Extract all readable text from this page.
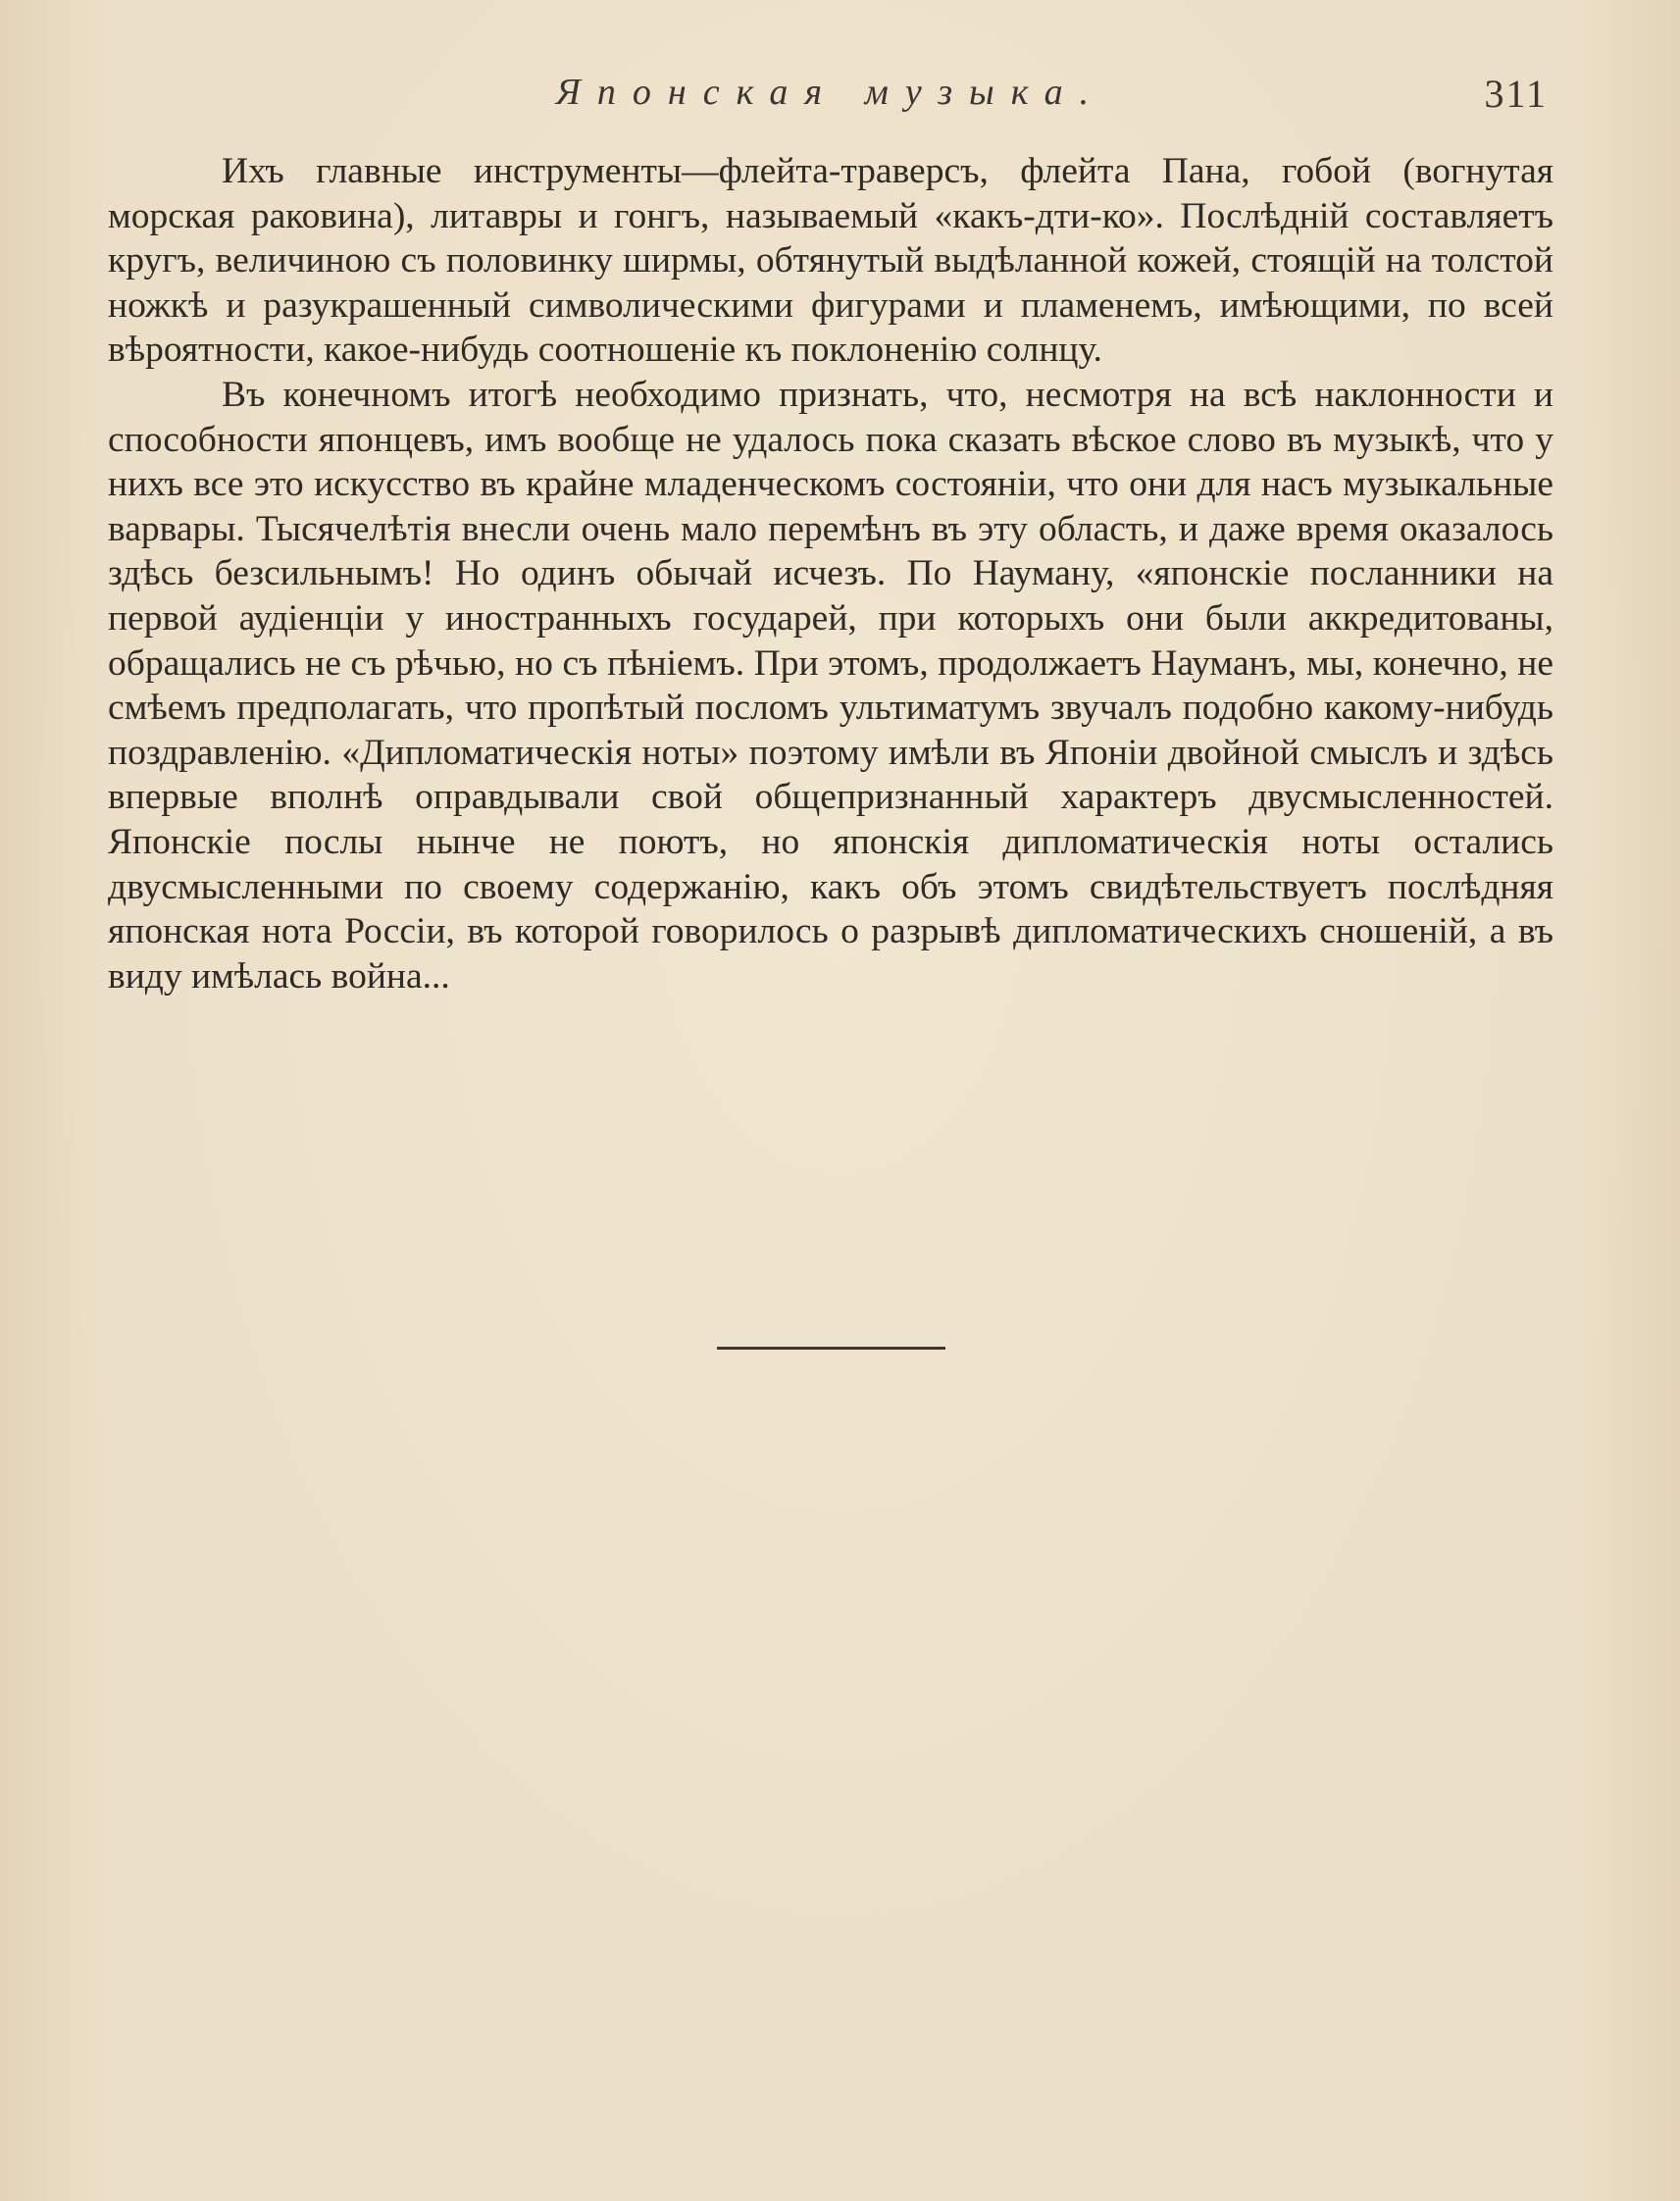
Японская музыка.	311

Ихъ главные инструменты—флейта-траверсъ, флейта Пана, гобой (вогнутая морская раковина), литавры и гонгъ, называемый «какъ-дти-ко». Послѣдній составляетъ кругъ, величиною съ половинку ширмы, обтянутый выдѣланной кожей, стоящій на толстой ножкѣ и разукрашенный символическими фигурами и пламенемъ, имѣющими, по всей вѣроятности, какое-нибудь соотношеніе къ поклоненію солнцу.

Въ конечномъ итогѣ необходимо признать, что, несмотря на всѣ наклонности и способности японцевъ, имъ вообще не удалось пока сказать вѣское слово въ музыкѣ, что у нихъ все это искусство въ крайне младенческомъ состояніи, что они для насъ музыкальные варвары. Тысячелѣтія внесли очень мало перемѣнъ въ эту область, и даже время оказалось здѣсь безсильнымъ! Но одинъ обычай исчезъ. По Науману, «японскіе посланники на первой аудіенціи у иностранныхъ государей, при которыхъ они были аккредитованы, обращались не съ рѣчью, но съ пѣніемъ. При этомъ, продолжаетъ Науманъ, мы, конечно, не смѣемъ предполагать, что пропѣтый посломъ ультиматумъ звучалъ подобно какому-нибудь поздравленію. «Дипломатическія ноты» поэтому имѣли въ Японіи двойной смыслъ и здѣсь впервые вполнѣ оправдывали свой общепризнанный характеръ двусмысленностей. Японскіе послы нынче не поютъ, но японскія дипломатическія ноты остались двусмысленными по своему содержанію, какъ объ этомъ свидѣтельствуетъ послѣдняя японская нота Россіи, въ которой говорилось о разрывѣ дипломатическихъ сношеній, а въ виду имѣлась война...
